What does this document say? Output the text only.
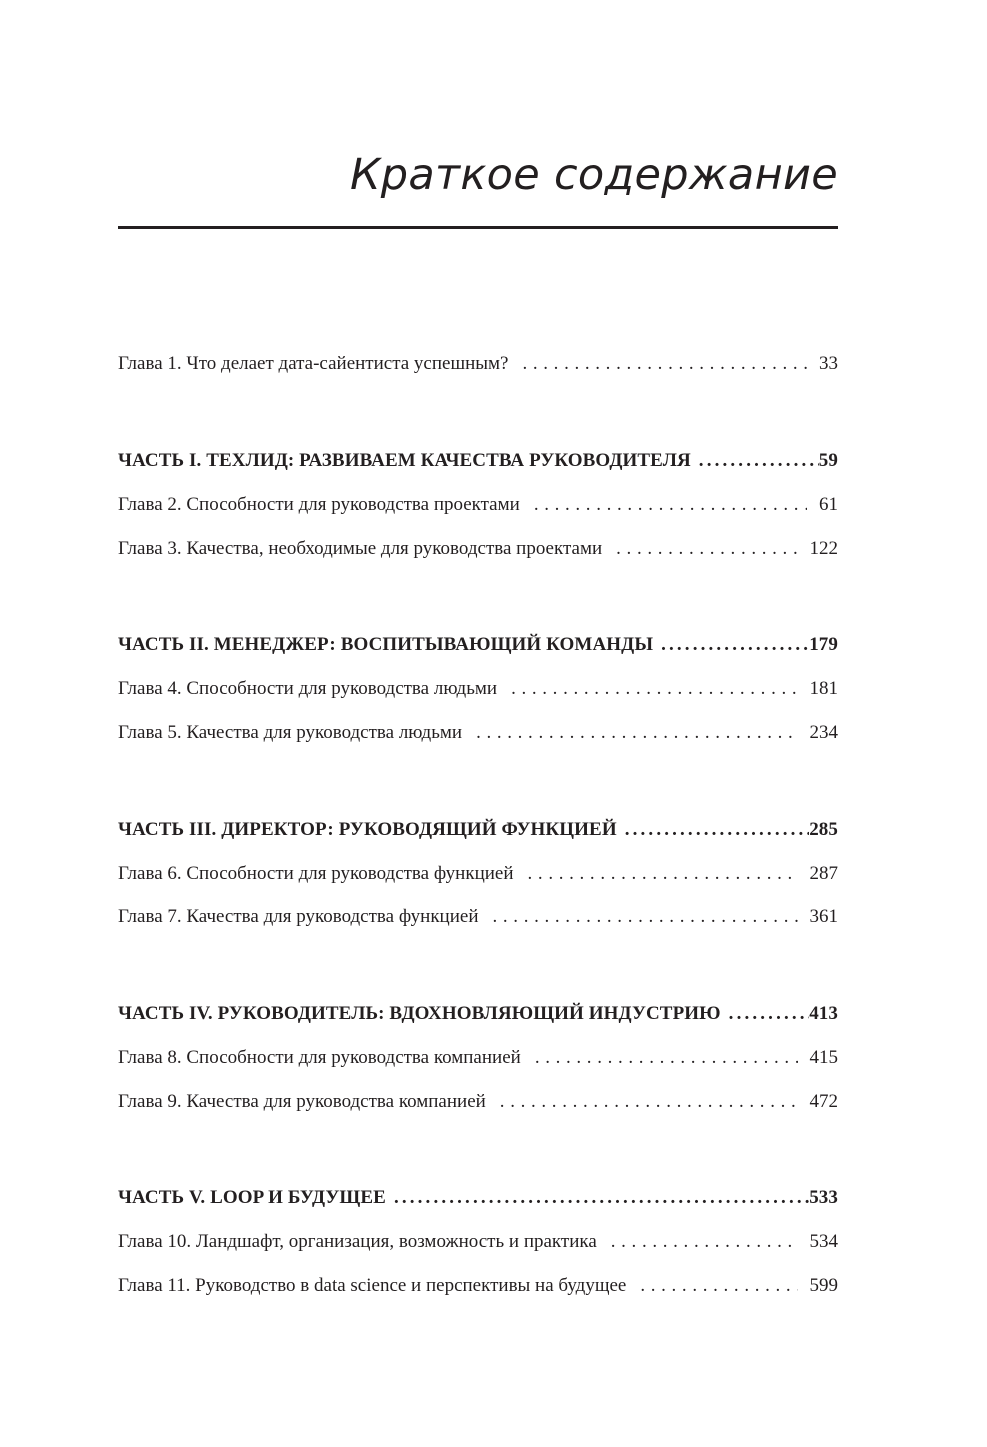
Краткое содержание
Глава 1. Что делает дата-сайентиста успешным? . . .	33
ЧАСТЬ I. ТЕХЛИД: РАЗВИВАЕМ КАЧЕСТВА РУКОВОДИТЕЛЯ . . .	59
Глава 2. Способности для руководства проектами . . .	61
Глава 3. Качества, необходимые для руководства проектами . . .	122
ЧАСТЬ II. МЕНЕДЖЕР: ВОСПИТЫВАЮЩИЙ КОМАНДЫ . . .	179
Глава 4. Способности для руководства людьми . . .	181
Глава 5. Качества для руководства людьми . . .	234
ЧАСТЬ III. ДИРЕКТОР: РУКОВОДЯЩИЙ ФУНКЦИЕЙ . . .	285
Глава 6. Способности для руководства функцией . . .	287
Глава 7. Качества для руководства функцией . . .	361
ЧАСТЬ IV. РУКОВОДИТЕЛЬ: ВДОХНОВЛЯЮЩИЙ ИНДУСТРИЮ . . .	413
Глава 8. Способности для руководства компанией . . .	415
Глава 9. Качества для руководства компанией . . .	472
ЧАСТЬ V. LOOP И БУДУЩЕЕ . . .	533
Глава 10. Ландшафт, организация, возможность и практика . . .	534
Глава 11. Руководство в data science и перспективы на будущее . . .	599
